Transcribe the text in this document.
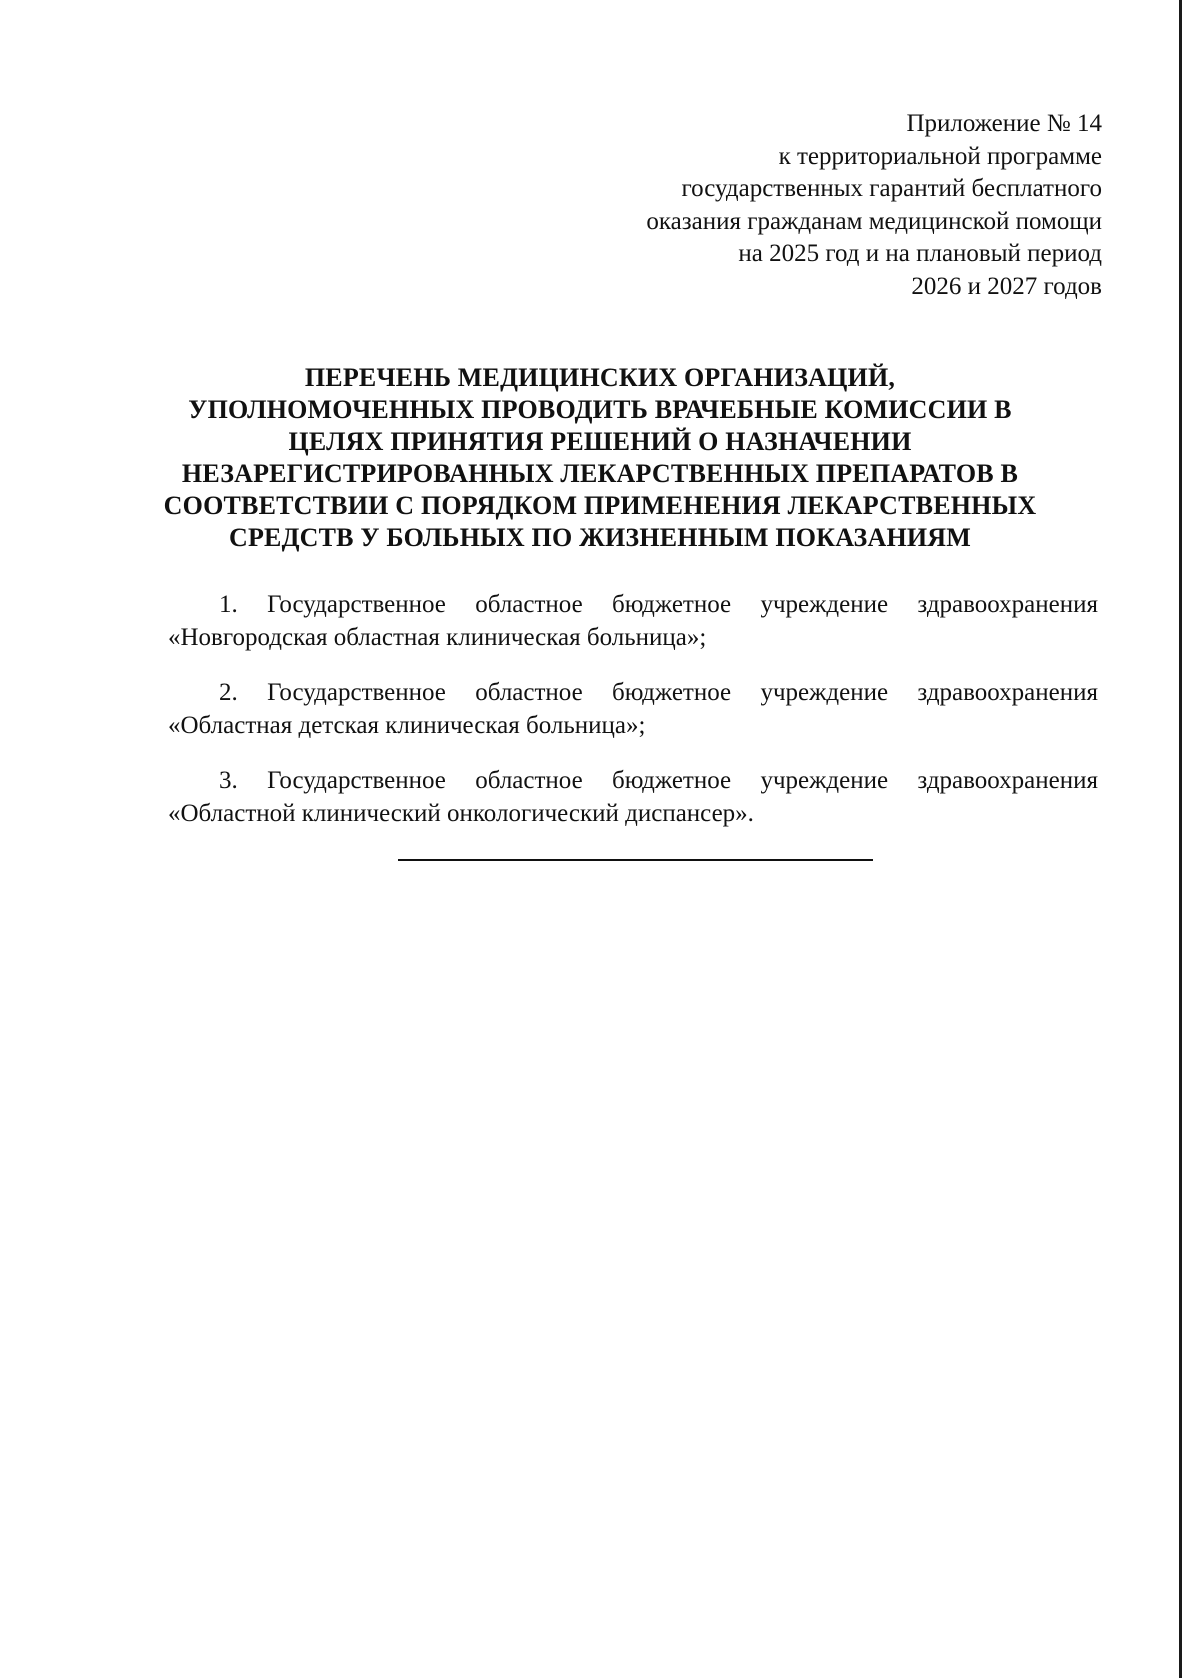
Приложение № 14
к территориальной программе
государственных гарантий бесплатного
оказания гражданам медицинской помощи
на 2025 год и на плановый период
2026 и 2027 годов
ПЕРЕЧЕНЬ МЕДИЦИНСКИХ ОРГАНИЗАЦИЙ,
УПОЛНОМОЧЕННЫХ ПРОВОДИТЬ ВРАЧЕБНЫЕ КОМИССИИ В
ЦЕЛЯХ ПРИНЯТИЯ РЕШЕНИЙ О НАЗНАЧЕНИИ
НЕЗАРЕГИСТРИРОВАННЫХ ЛЕКАРСТВЕННЫХ ПРЕПАРАТОВ В
СООТВЕТСТВИИ С ПОРЯДКОМ ПРИМЕНЕНИЯ ЛЕКАРСТВЕННЫХ
СРЕДСТВ У БОЛЬНЫХ ПО ЖИЗНЕННЫМ ПОКАЗАНИЯМ
1. Государственное областное бюджетное учреждение здравоохранения
«Новгородская областная клиническая больница»;
2. Государственное областное бюджетное учреждение здравоохранения
«Областная детская клиническая больница»;
3. Государственное областное бюджетное учреждение здравоохранения
«Областной клинический онкологический диспансер».
